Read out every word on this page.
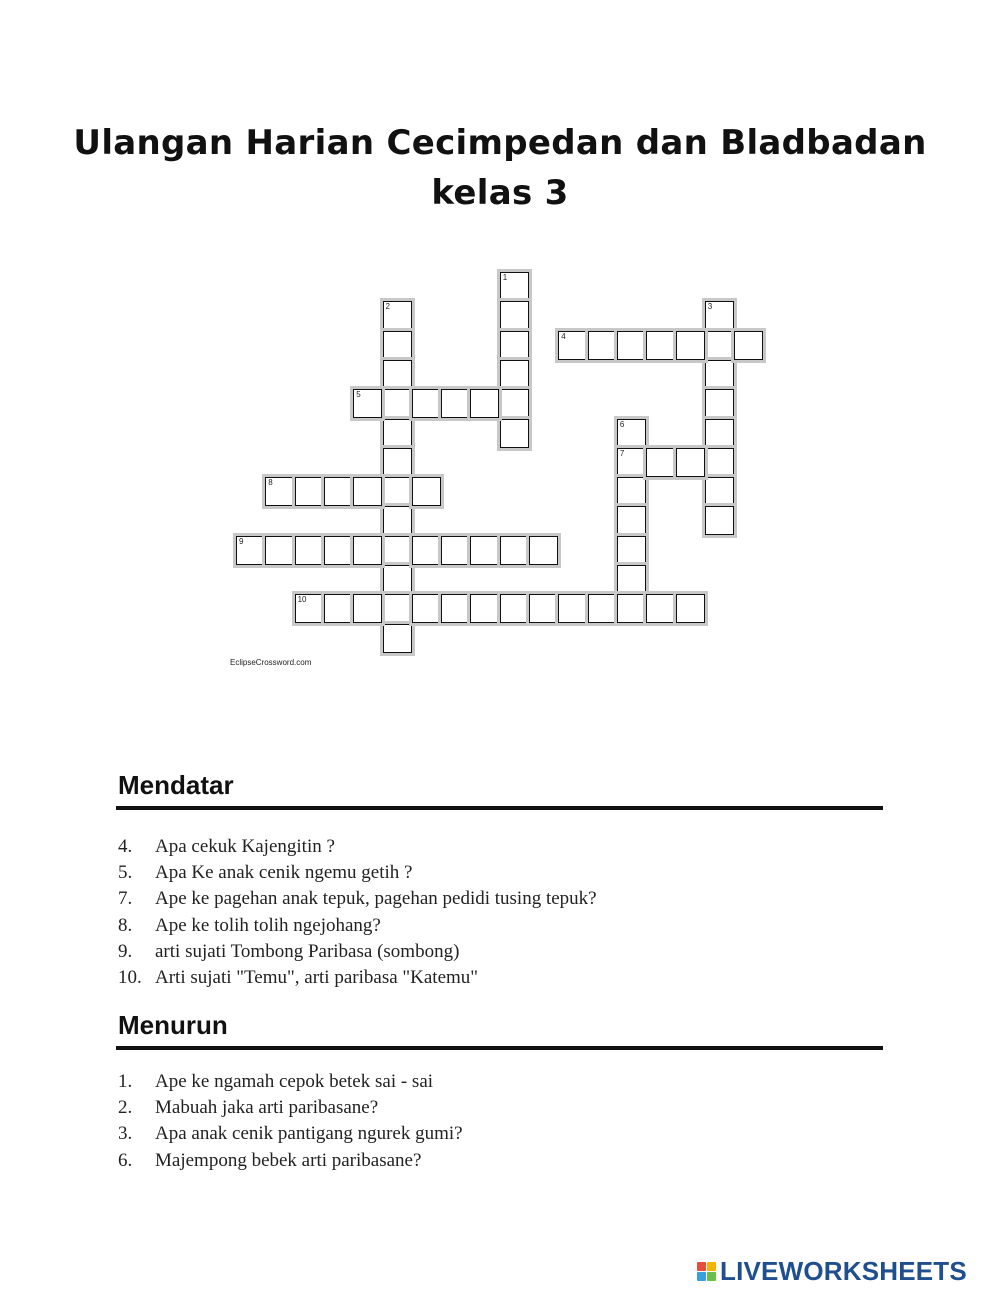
Ulangan Harian Cecimpedan dan Bladbadan
kelas 3
1
2	3
4
5
6
7
8
9
10
EclipseCrossword.com
Mendatar
4.	Apa cekuk Kajengitin ?
5.	Apa Ke anak cenik ngemu getih ?
7.	Ape ke pagehan anak tepuk, pagehan pedidi tusing tepuk?
8.	Ape ke tolih tolih ngejohang?
9.	arti sujati Tombong Paribasa (sombong)
10. Arti sujati "Temu", arti paribasa "Katemu"
Menurun
1.	Ape ke ngamah cepok betek sai - sai
2.	Mabuah jaka arti paribasane?
3.	Apa anak cenik pantigang ngurek gumi?
6.	Majempong bebek arti paribasane?
LIVEWORKSHEETS
